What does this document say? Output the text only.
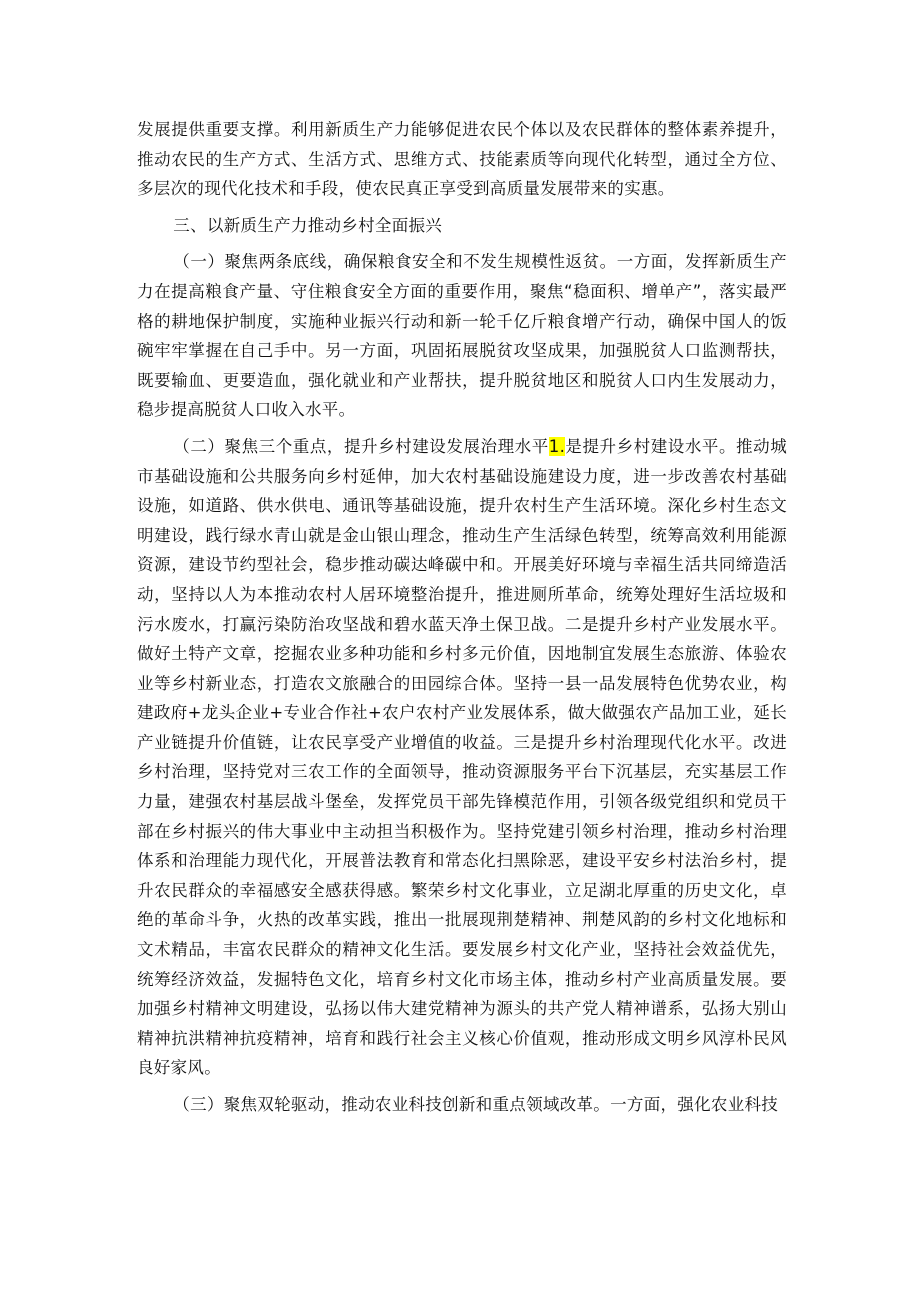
发展提供重要支撑。利用新质生产力能够促进农民个体以及农民群体的整体素养提升，推动农民的生产方式、生活方式、思维方式、技能素质等向现代化转型，通过全方位、多层次的现代化技术和手段，使农民真正享受到高质量发展带来的实惠。

三、以新质生产力推动乡村全面振兴

（一）聚焦两条底线，确保粮食安全和不发生规模性返贫。一方面，发挥新质生产力在提高粮食产量、守住粮食安全方面的重要作用，聚焦“稳面积、增单产”，落实最严格的耕地保护制度，实施种业振兴行动和新一轮千亿斤粮食增产行动，确保中国人的饭碗牢牢掌握在自己手中。另一方面，巩固拓展脱贫攻坚成果，加强脱贫人口监测帮扶，既要输血、更要造血，强化就业和产业帮扶，提升脱贫地区和脱贫人口内生发展动力，稳步提高脱贫人口收入水平。

（二）聚焦三个重点，提升乡村建设发展治理水平1.是提升乡村建设水平。推动城市基础设施和公共服务向乡村延伸，加大农村基础设施建设力度，进一步改善农村基础设施，如道路、供水供电、通讯等基础设施，提升农村生产生活环境。深化乡村生态文明建设，践行绿水青山就是金山银山理念，推动生产生活绿色转型，统筹高效利用能源资源，建设节约型社会，稳步推动碳达峰碳中和。开展美好环境与幸福生活共同缔造活动，坚持以人为本推动农村人居环境整治提升，推进厕所革命，统筹处理好生活垃圾和污水废水，打赢污染防治攻坚战和碧水蓝天净土保卫战。二是提升乡村产业发展水平。做好土特产文章，挖掘农业多种功能和乡村多元价值，因地制宜发展生态旅游、体验农业等乡村新业态，打造农文旅融合的田园综合体。坚持一县一品发展特色优势农业，构建政府+龙头企业+专业合作社+农户农村产业发展体系，做大做强农产品加工业，延长产业链提升价值链，让农民享受产业增值的收益。三是提升乡村治理现代化水平。改进乡村治理，坚持党对三农工作的全面领导，推动资源服务平台下沉基层，充实基层工作力量，建强农村基层战斗堡垒，发挥党员干部先锋模范作用，引领各级党组织和党员干部在乡村振兴的伟大事业中主动担当积极作为。坚持党建引领乡村治理，推动乡村治理体系和治理能力现代化，开展普法教育和常态化扫黑除恶，建设平安乡村法治乡村，提升农民群众的幸福感安全感获得感。繁荣乡村文化事业，立足湖北厚重的历史文化，卓绝的革命斗争，火热的改革实践，推出一批展现荆楚精神、荆楚风韵的乡村文化地标和文术精品，丰富农民群众的精神文化生活。要发展乡村文化产业，坚持社会效益优先，统筹经济效益，发掘特色文化，培育乡村文化市场主体，推动乡村产业高质量发展。要加强乡村精神文明建设，弘扬以伟大建党精神为源头的共产党人精神谱系，弘扬大别山精神抗洪精神抗疫精神，培育和践行社会主义核心价值观，推动形成文明乡风淳朴民风良好家风。

（三）聚焦双轮驱动，推动农业科技创新和重点领域改革。一方面，强化农业科技
